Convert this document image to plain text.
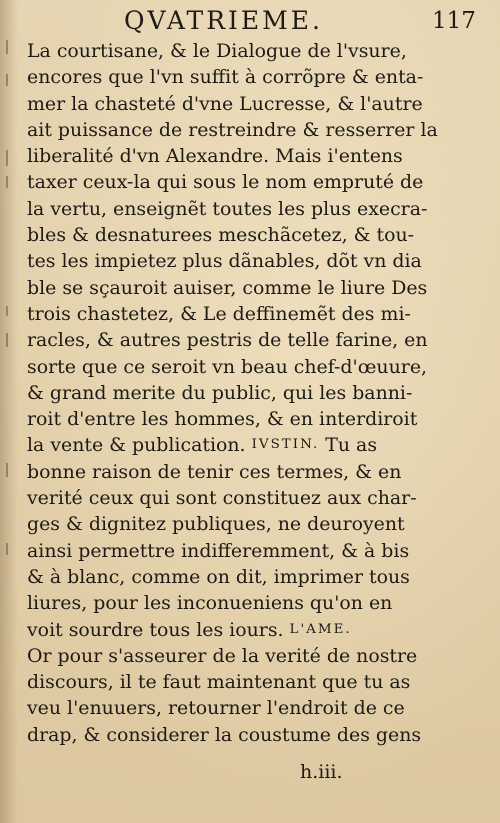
QVATRIEME.	117
La courtisane, & le Dialogue de l'vsure,
encores que l'vn suffit à corrõpre & enta-
mer la chasteté d'vne Lucresse, & l'autre
ait puissance de restreindre & resserrer la
liberalité d'vn Alexandre. Mais i'entens
taxer ceux-la qui sous le nom empruté de
la vertu, enseignẽt toutes les plus execra-
bles & desnaturees meschãcetez, & tou-
tes les impietez plus dãnables, dõt vn dia
ble se sçauroit auiser, comme le liure Des
trois chastetez, & Le deffinemẽt des mi-
racles, & autres pestris de telle farine, en
sorte que ce seroit vn beau chef-d'œuure,
& grand merite du public, qui les banni-
roit d'entre les hommes, & en interdiroit
la vente & publication. IVSTIN. Tu as
bonne raison de tenir ces termes, & en
verité ceux qui sont constituez aux char-
ges & dignitez publiques, ne deuroyent
ainsi permettre indifferemment, & à bis
& à blanc, comme on dit, imprimer tous
liures, pour les inconueniens qu'on en
voit sourdre tous les iours. L'AME.
Or pour s'asseurer de la verité de nostre
discours, il te faut maintenant que tu as
veu l'enuuers, retourner l'endroit de ce
drap, & considerer la coustume des gens
h.iii.
